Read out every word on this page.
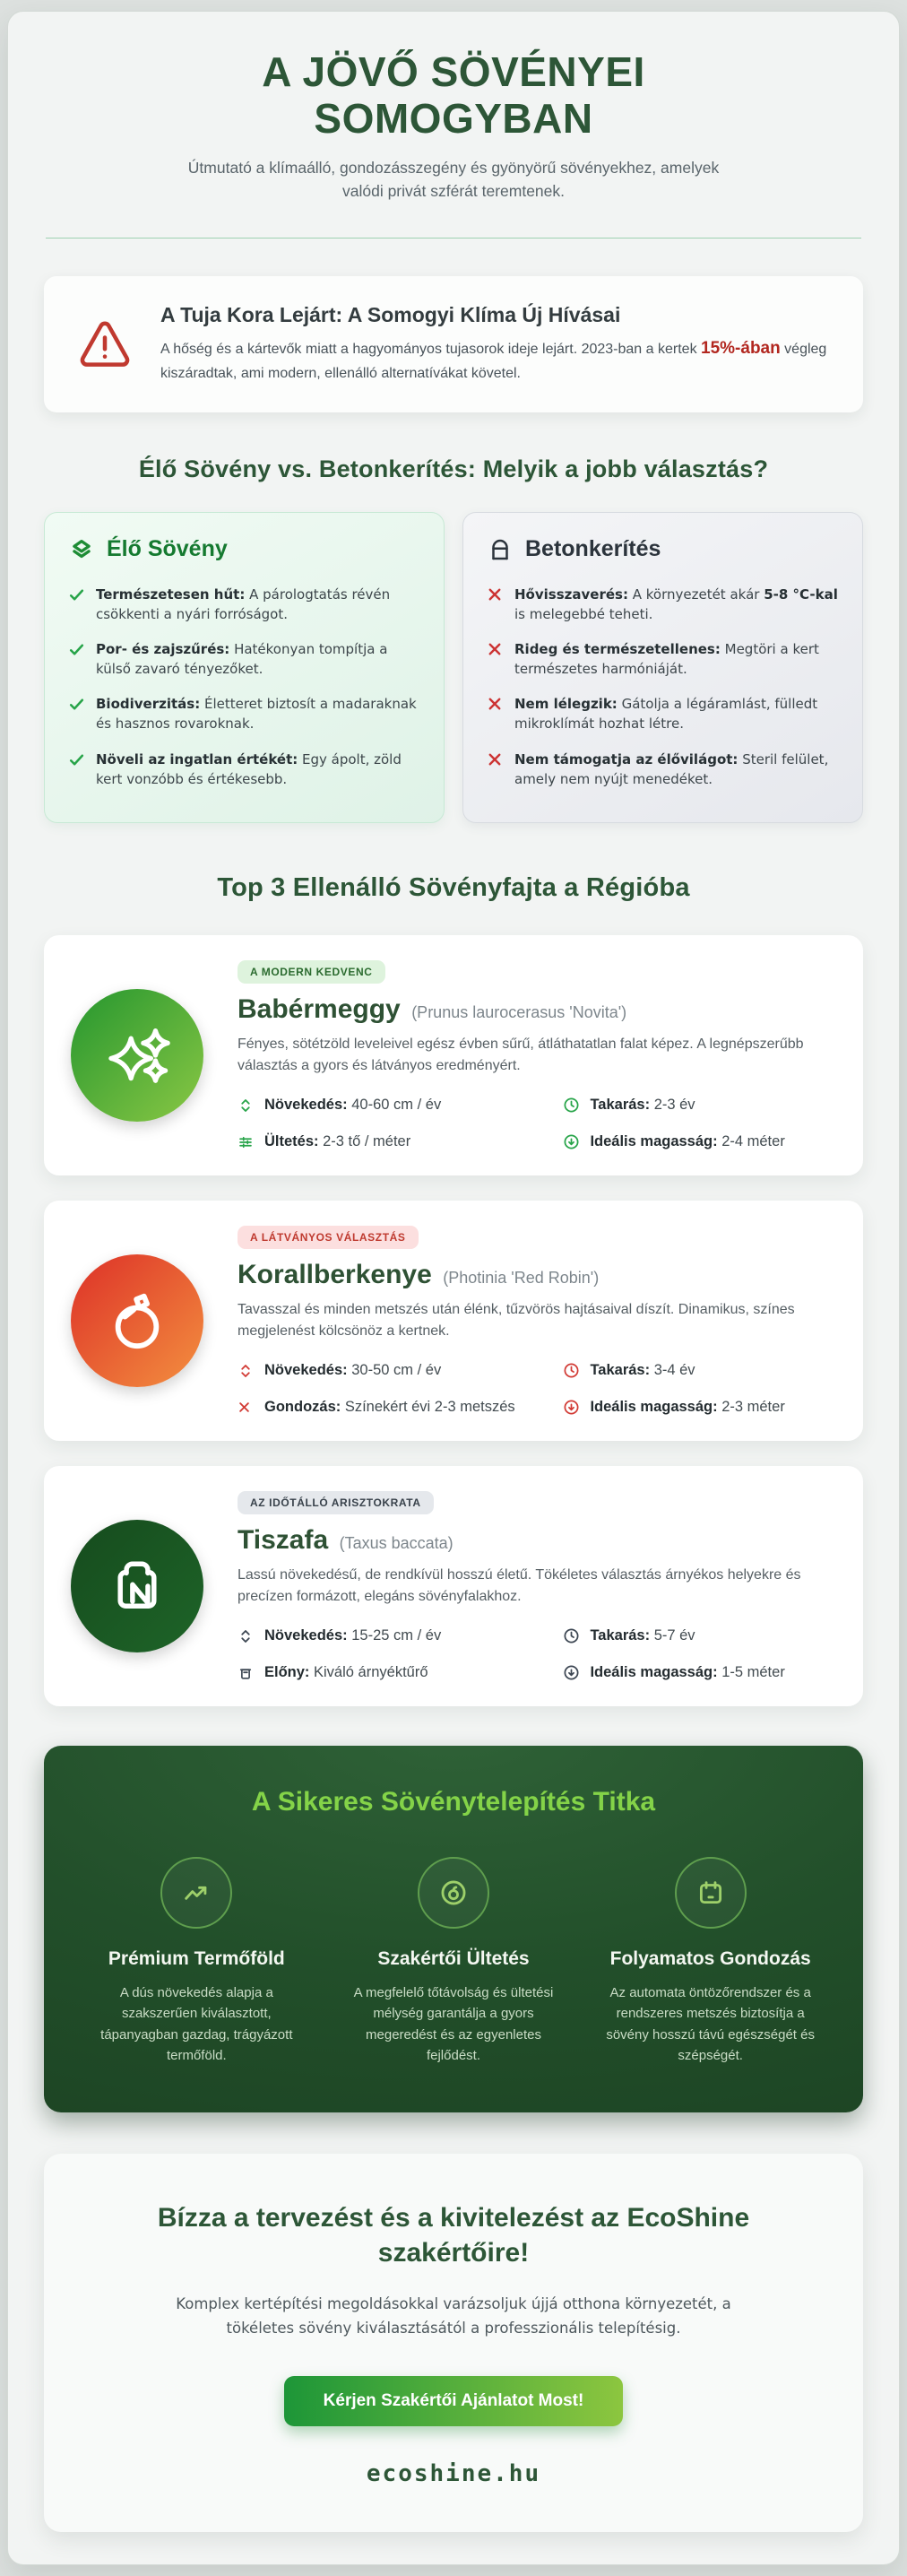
A JÖVŐ SÖVÉNYEI
SOMOGYBAN

Útmutató a klímaálló, gondozásszegény és gyönyörű sövényekhez, amelyek valódi privát szférát teremtenek.

A Tuja Kora Lejárt: A Somogyi Klíma Új Hívásai
A hőség és a kártevők miatt a hagyományos tujasorok ideje lejárt. 2023-ban a kertek 15%-ában végleg kiszáradtak, ami modern, ellenálló alternatívákat követel.
Élő Sövény vs. Betonkerítés: Melyik a jobb választás?
Élő Sövény

Természetesen hűt: A párologtatás révén csökkenti a nyári forróságot.

Por- és zajszűrés: Hatékonyan tompítja a külső zavaró tényezőket.

Biodiverzitás: Életteret biztosít a madaraknak és hasznos rovaroknak.

Növeli az ingatlan értékét: Egy ápolt, zöld kert vonzóbb és értékesebb.

Betonkerítés

Hővisszaverés: A környezetét akár 5-8 °C-kal is melegebbé teheti.

Rideg és természetellenes: Megtöri a kert természetes harmóniáját.

Nem lélegzik: Gátolja a légáramlást, fülledt mikroklímát hozhat létre.

Nem támogatja az élővilágot: Steril felület, amely nem nyújt menedéket.

Top 3 Ellenálló Sövényfajta a Régióba
A MODERN KEDVENC
Babérmeggy (Prunus laurocerasus 'Novita')

Fényes, sötétzöld leveleivel egész évben sűrű, átláthatatlan falat képez. A legnépszerűbb választás a gyors és látványos eredményért.

Növekedés: 40-60 cm / év	Takarás: 2-3 év
Ültetés: 2-3 tő / méter	Ideális magasság: 2-4 méter
A LÁTVÁNYOS VÁLASZTÁS
Korallberkenye (Photinia 'Red Robin')

Tavasszal és minden metszés után élénk, tűzvörös hajtásaival díszít. Dinamikus, színes megjelenést kölcsönöz a kertnek.

Növekedés: 30-50 cm / év	Takarás: 3-4 év
Gondozás: Színekért évi 2-3 metszés	Ideális magasság: 2-3 méter
AZ IDŐTÁLLÓ ARISZTOKRATA
Tiszafa (Taxus baccata)

Lassú növekedésű, de rendkívül hosszú életű. Tökéletes választás árnyékos helyekre és precízen formázott, elegáns sövényfalakhoz.

Növekedés: 15-25 cm / év	Takarás: 5-7 év
Előny: Kiváló árnyéktűrő	Ideális magasság: 1-5 méter
A Sikeres Sövénytelepítés Titka
Prémium Termőföld
A dús növekedés alapja a szakszerűen kiválasztott, tápanyagban gazdag, trágyázott termőföld.
Szakértői Ültetés
A megfelelő tőtávolság és ültetési mélység garantálja a gyors megeredést és az egyenletes fejlődést.
Folyamatos Gondozás
Az automata öntözőrendszer és a rendszeres metszés biztosítja a sövény hosszú távú egészségét és szépségét.
Bízza a tervezést és a kivitelezést az EcoShine szakértőire!

Komplex kertépítési megoldásokkal varázsoljuk újjá otthona környezetét, a tökéletes sövény kiválasztásától a professzionális telepítésig.

Kérjen Szakértői Ajánlatot Most!
ecoshine.hu
